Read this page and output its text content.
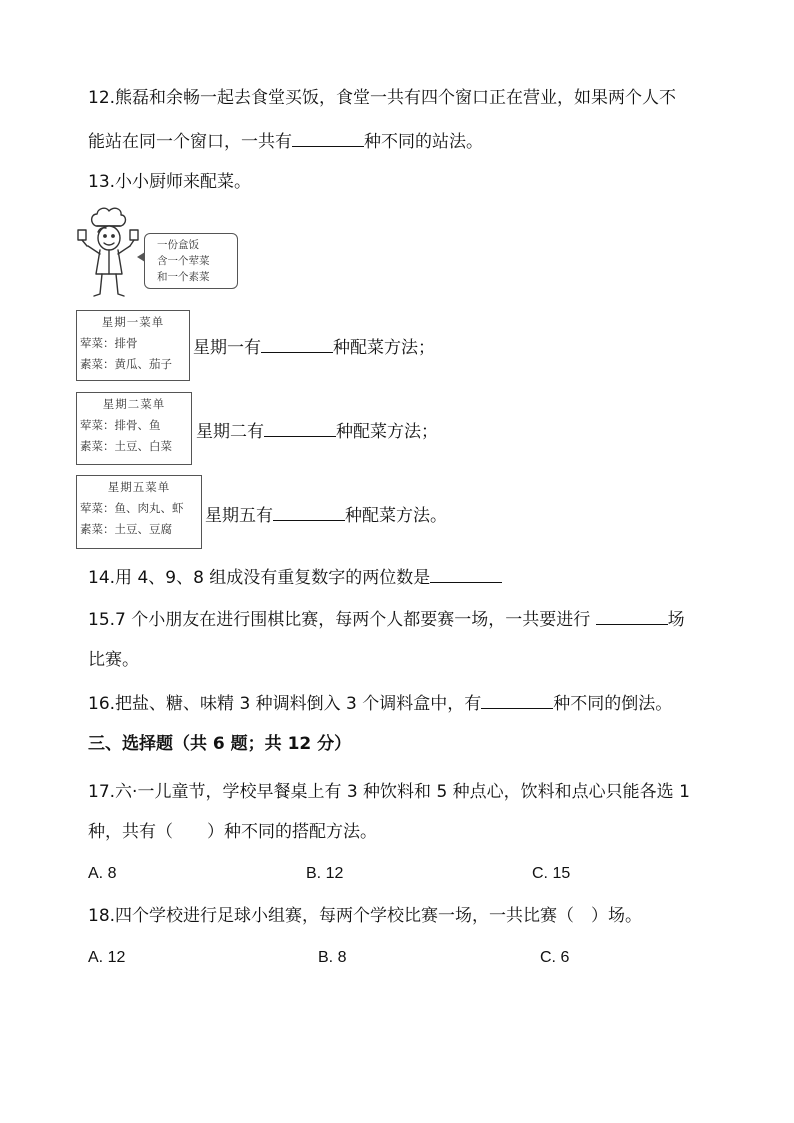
12.熊磊和余畅一起去食堂买饭，食堂一共有四个窗口正在营业，如果两个人不
能站在同一个窗口，一共有	种不同的站法。
13.小小厨师来配菜。
一份盒饭
含一个荤菜
和一个素菜
星期一菜单
荤菜：排骨
素菜：黄瓜、茄子
星期一有	种配菜方法；
星期二菜单
荤菜：排骨、鱼
素菜：土豆、白菜
星期二有	种配菜方法；
星期五菜单
荤菜：鱼、肉丸、虾
素菜：土豆、豆腐
星期五有	种配菜方法。
14.用 4、9、8 组成没有重复数字的两位数是
15.7 个小朋友在进行围棋比赛，每两个人都要赛一场，一共要进行	场
比赛。
16.把盐、糖、味精 3 种调料倒入 3 个调料盒中，有	种不同的倒法。
三、选择题（共 6 题；共 12 分）
17.六·一儿童节，学校早餐桌上有 3 种饮料和 5 种点心，饮料和点心只能各选 1
种，共有（　　）种不同的搭配方法。
A. 8	B. 12	C. 15
18.四个学校进行足球小组赛，每两个学校比赛一场，一共比赛（　）场。
A. 12	B. 8	C. 6
